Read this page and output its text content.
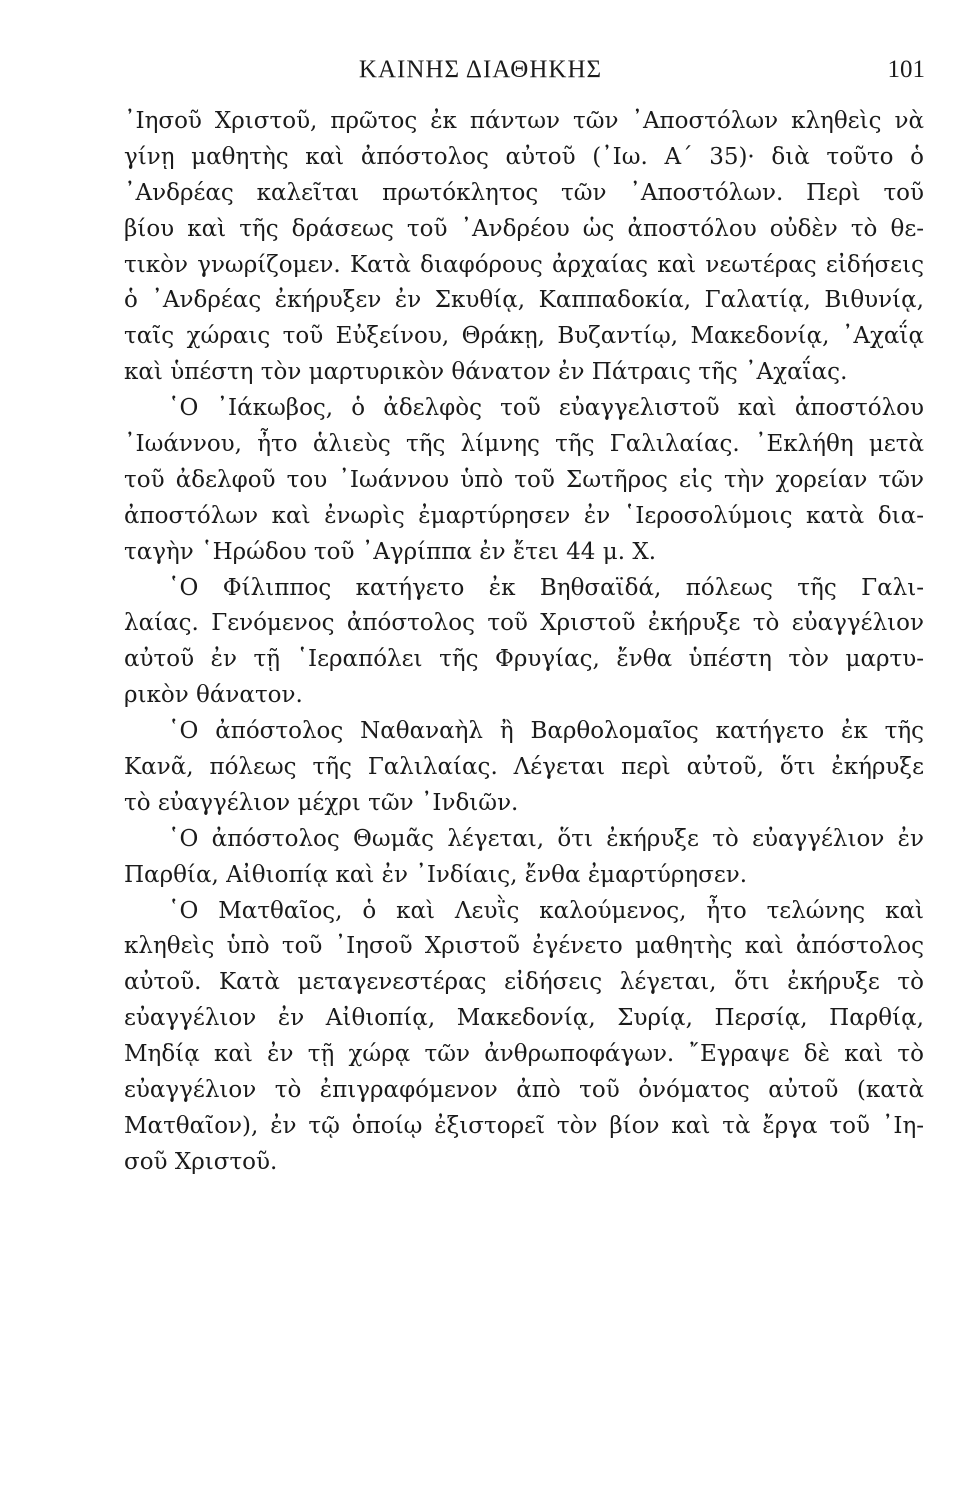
ΚΑΙΝΗΣ ΔΙΑΘΗΚΗΣ	101
᾿Ιησοῦ Χριστοῦ, πρῶτος ἐκ πάντων τῶν ᾿Αποστόλων κληθεὶς νὰ
γίνῃ μαθητὴς καὶ ἀπόστολος αὐτοῦ (᾿Ιω. Α´ 35)· διὰ τοῦτο ὁ
᾿Ανδρέας καλεῖται πρωτόκλητος τῶν ᾿Αποστόλων. Περὶ τοῦ
βίου καὶ τῆς δράσεως τοῦ ᾿Ανδρέου ὡς ἀποστόλου οὐδὲν τὸ θε-
τικὸν γνωρίζομεν. Κατὰ διαφόρους ἀρχαίας καὶ νεωτέρας εἰδήσεις
ὁ ᾿Ανδρέας ἐκήρυξεν ἐν Σκυθίᾳ, Καππαδοκία, Γαλατίᾳ, Βιθυνίᾳ,
ταῖς χώραις τοῦ Εὐξείνου, Θράκῃ, Βυζαντίῳ, Μακεδονίᾳ, ᾿Αχαΐᾳ
καὶ ὑπέστη τὸν μαρτυρικὸν θάνατον ἐν Πάτραις τῆς ᾿Αχαΐας.
῾Ο ᾿Ιάκωβος, ὁ ἀδελφὸς τοῦ εὐαγγελιστοῦ καὶ ἀποστόλου
᾿Ιωάννου, ἦτο ἁλιεὺς τῆς λίμνης τῆς Γαλιλαίας. ᾿Εκλήθη μετὰ
τοῦ ἀδελφοῦ του ᾿Ιωάννου ὑπὸ τοῦ Σωτῆρος εἰς τὴν χορείαν τῶν
ἀποστόλων καὶ ἐνωρὶς ἐμαρτύρησεν ἐν ῾Ιεροσολύμοις κατὰ δια-
ταγὴν ῾Ηρώδου τοῦ ᾿Αγρίππα ἐν ἔτει 44 μ. Χ.
῾Ο Φίλιππος κατήγετο ἐκ Βηθσαϊδά, πόλεως τῆς Γαλι-
λαίας. Γενόμενος ἀπόστολος τοῦ Χριστοῦ ἐκήρυξε τὸ εὐαγγέλιον
αὐτοῦ ἐν τῇ ῾Ιεραπόλει τῆς Φρυγίας, ἔνθα ὑπέστη τὸν μαρτυ-
ρικὸν θάνατον.
῾Ο ἀπόστολος Ναθαναὴλ ἢ Βαρθολομαῖος κατήγετο ἐκ τῆς
Κανᾶ, πόλεως τῆς Γαλιλαίας. Λέγεται περὶ αὐτοῦ, ὅτι ἐκήρυξε
τὸ εὐαγγέλιον μέχρι τῶν ᾿Ινδιῶν.
῾Ο ἀπόστολος Θωμᾶς λέγεται, ὅτι ἐκήρυξε τὸ εὐαγγέλιον ἐν
Παρθία, Αἰθιοπίᾳ καὶ ἐν ᾿Ινδίαις, ἔνθα ἐμαρτύρησεν.
῾Ο Ματθαῖος, ὁ καὶ Λευῒς καλούμενος, ἦτο τελώνης καὶ
κληθεὶς ὑπὸ τοῦ ᾿Ιησοῦ Χριστοῦ ἐγένετο μαθητὴς καὶ ἀπόστολος
αὐτοῦ. Κατὰ μεταγενεστέρας εἰδήσεις λέγεται, ὅτι ἐκήρυξε τὸ
εὐαγγέλιον ἐν Αἰθιοπίᾳ, Μακεδονίᾳ, Συρίᾳ, Περσίᾳ, Παρθίᾳ,
Μηδίᾳ καὶ ἐν τῇ χώρᾳ τῶν ἀνθρωποφάγων. ῎Εγραψε δὲ καὶ τὸ
εὐαγγέλιον τὸ ἐπιγραφόμενον ἀπὸ τοῦ ὀνόματος αὐτοῦ (κατὰ
Ματθαῖον), ἐν τῷ ὁποίῳ ἐξιστορεῖ τὸν βίον καὶ τὰ ἔργα τοῦ ᾿Ιη-
σοῦ Χριστοῦ.
